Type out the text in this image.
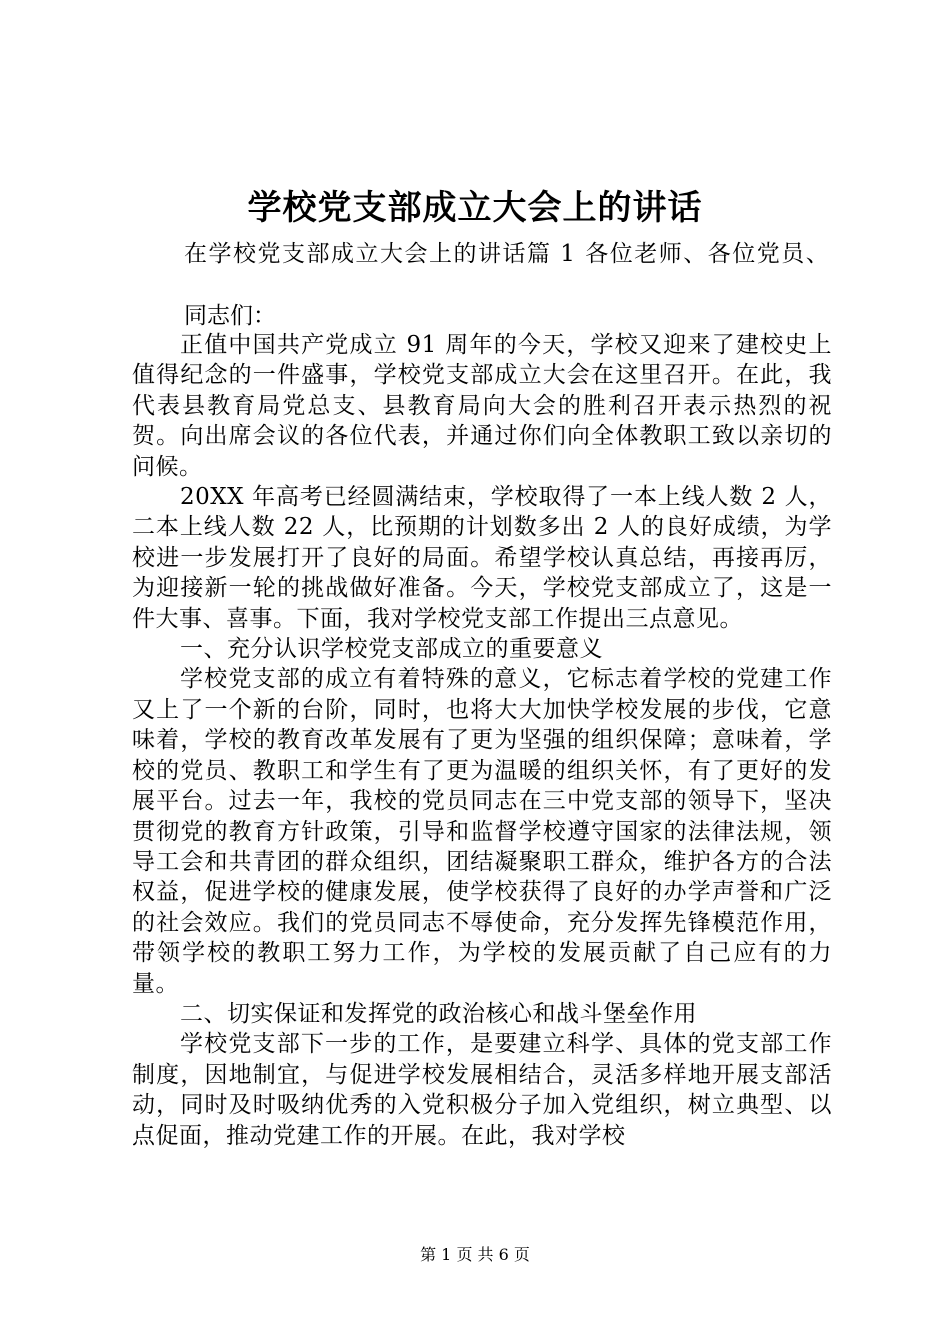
学校党支部成立大会上的讲话
在学校党支部成立大会上的讲话篇 1 各位老师、各位党员、
同志们：

正值中国共产党成立 91 周年的今天，学校又迎来了建校史上值得纪念的一件盛事，学校党支部成立大会在这里召开。在此，我代表县教育局党总支、县教育局向大会的胜利召开表示热烈的祝贺。向出席会议的各位代表，并通过你们向全体教职工致以亲切的问候。

20XX 年高考已经圆满结束，学校取得了一本上线人数 2 人，二本上线人数 22 人，比预期的计划数多出 2 人的良好成绩，为学校进一步发展打开了良好的局面。希望学校认真总结，再接再厉，为迎接新一轮的挑战做好准备。今天，学校党支部成立了，这是一件大事、喜事。下面，我对学校党支部工作提出三点意见。

一、充分认识学校党支部成立的重要意义

学校党支部的成立有着特殊的意义，它标志着学校的党建工作又上了一个新的台阶，同时，也将大大加快学校发展的步伐，它意味着，学校的教育改革发展有了更为坚强的组织保障；意味着，学校的党员、教职工和学生有了更为温暖的组织关怀，有了更好的发展平台。过去一年，我校的党员同志在三中党支部的领导下，坚决贯彻党的教育方针政策，引导和监督学校遵守国家的法律法规，领导工会和共青团的群众组织，团结凝聚职工群众，维护各方的合法权益，促进学校的健康发展，使学校获得了良好的办学声誉和广泛的社会效应。我们的党员同志不辱使命，充分发挥先锋模范作用，带领学校的教职工努力工作，为学校的发展贡献了自己应有的力量。

二、切实保证和发挥党的政治核心和战斗堡垒作用

学校党支部下一步的工作，是要建立科学、具体的党支部工作制度，因地制宜，与促进学校发展相结合，灵活多样地开展支部活动，同时及时吸纳优秀的入党积极分子加入党组织，树立典型、以点促面，推动党建工作的开展。在此，我对学校

第 1 页 共 6 页
